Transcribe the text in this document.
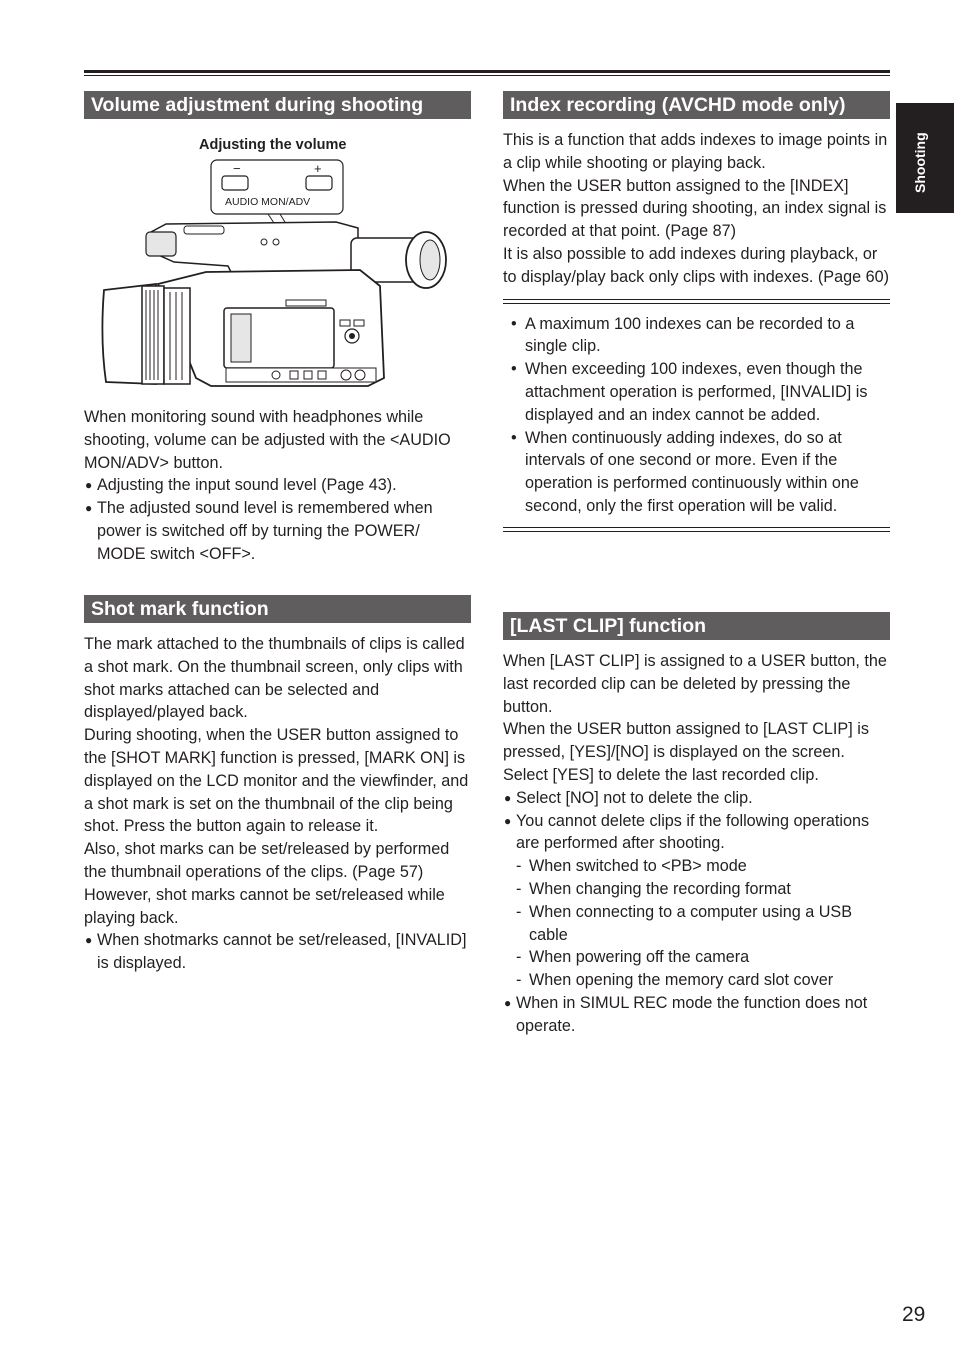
Shooting
Volume adjustment during shooting
Adjusting the volume
−	+
AUDIO MON/ADV

When monitoring sound with headphones while shooting, volume can be adjusted with the <AUDIO MON/ADV> button.

● Adjusting the input sound level (Page 43).
● The adjusted sound level is remembered when power is switched off by turning the POWER/ MODE switch <OFF>.
Shot mark function

The mark attached to the thumbnails of clips is called a shot mark. On the thumbnail screen, only clips with shot marks attached can be selected and displayed/played back.

During shooting, when the USER button assigned to the [SHOT MARK] function is pressed, [MARK ON] is displayed on the LCD monitor and the viewfinder, and a shot mark is set on the thumbnail of the clip being shot. Press the button again to release it.

Also, shot marks can be set/released by performed the thumbnail operations of the clips. (Page 57)

However, shot marks cannot be set/released while playing back.

● When shotmarks cannot be set/released, [INVALID] is displayed.
Index recording (AVCHD mode only)

This is a function that adds indexes to image points in a clip while shooting or playing back.

When the USER button assigned to the [INDEX] function is pressed during shooting, an index signal is recorded at that point. (Page 87)

It is also possible to add indexes during playback, or to display/play back only clips with indexes. (Page 60)

• A maximum 100 indexes can be recorded to a single clip.
• When exceeding 100 indexes, even though the attachment operation is performed, [INVALID] is displayed and an index cannot be added.
• When continuously adding indexes, do so at intervals of one second or more. Even if the operation is performed continuously within one second, only the first operation will be valid.
[LAST CLIP] function

When [LAST CLIP] is assigned to a USER button, the last recorded clip can be deleted by pressing the button.

When the USER button assigned to [LAST CLIP] is pressed, [YES]/[NO] is displayed on the screen. Select [YES] to delete the last recorded clip.

● Select [NO] not to delete the clip.
● You cannot delete clips if the following operations are performed after shooting.
- When switched to <PB> mode
- When changing the recording format
- When connecting to a computer using a USB cable
- When powering off the camera
- When opening the memory card slot cover
● When in SIMUL REC mode the function does not operate.
29
